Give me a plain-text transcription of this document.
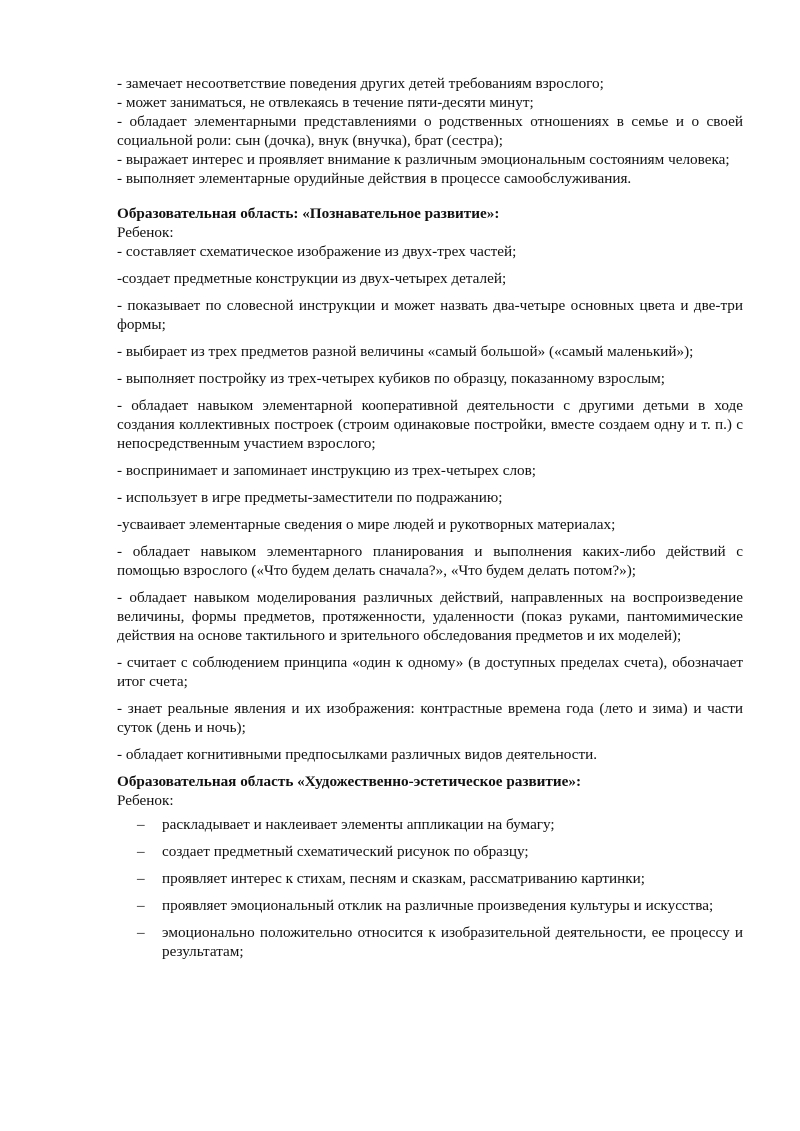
- замечает несоответствие поведения других детей требованиям взрослого;

- может заниматься, не отвлекаясь в течение пяти-десяти минут;

- обладает элементарными представлениями о родственных отношениях в семье и о своей социальной роли: сын (дочка), внук (внучка), брат (сестра);

- выражает интерес и проявляет внимание к различным эмоциональным состояниям человека;

- выполняет элементарные орудийные действия в процессе самообслуживания.

Образовательная область: «Познавательное развитие»:

Ребенок:

- составляет схематическое изображение из двух-трех частей;

-создает предметные конструкции из двух-четырех деталей;

- показывает по словесной инструкции и может назвать два-четыре основных цвета и две-три формы;

- выбирает из трех предметов разной величины «самый большой» («самый маленький»);

- выполняет постройку из трех-четырех кубиков по образцу, показанному взрослым;

- обладает навыком элементарной кооперативной деятельности с другими детьми в ходе создания коллективных построек (строим одинаковые постройки, вместе создаем одну и т. п.) с непосредственным участием взрослого;

- воспринимает и запоминает инструкцию из трех-четырех слов;

- использует в игре предметы-заместители по подражанию;

-усваивает элементарные сведения о мире людей и рукотворных материалах;

- обладает навыком элементарного планирования и выполнения каких-либо действий с помощью взрослого («Что будем делать сначала?», «Что будем делать потом?»);

- обладает навыком моделирования различных действий, направленных на воспроизведение величины, формы предметов, протяженности, удаленности (показ руками, пантомимические действия на основе тактильного и зрительного обследования предметов и их моделей);

- считает с соблюдением принципа «один к одному» (в доступных пределах счета), обозначает итог счета;

- знает реальные явления и их изображения: контрастные времена года (лето и зима) и части суток (день и ночь);

- обладает когнитивными предпосылками различных видов деятельности.

Образовательная область «Художественно-эстетическое развитие»:

Ребенок:

– раскладывает и наклеивает элементы аппликации на бумагу;
– создает предметный схематический рисунок по образцу;
– проявляет интерес к стихам, песням и сказкам, рассматриванию картинки;
– проявляет эмоциональный отклик на различные произведения культуры и искусства;
– эмоционально положительно относится к изобразительной деятельности, ее процессу и результатам;
